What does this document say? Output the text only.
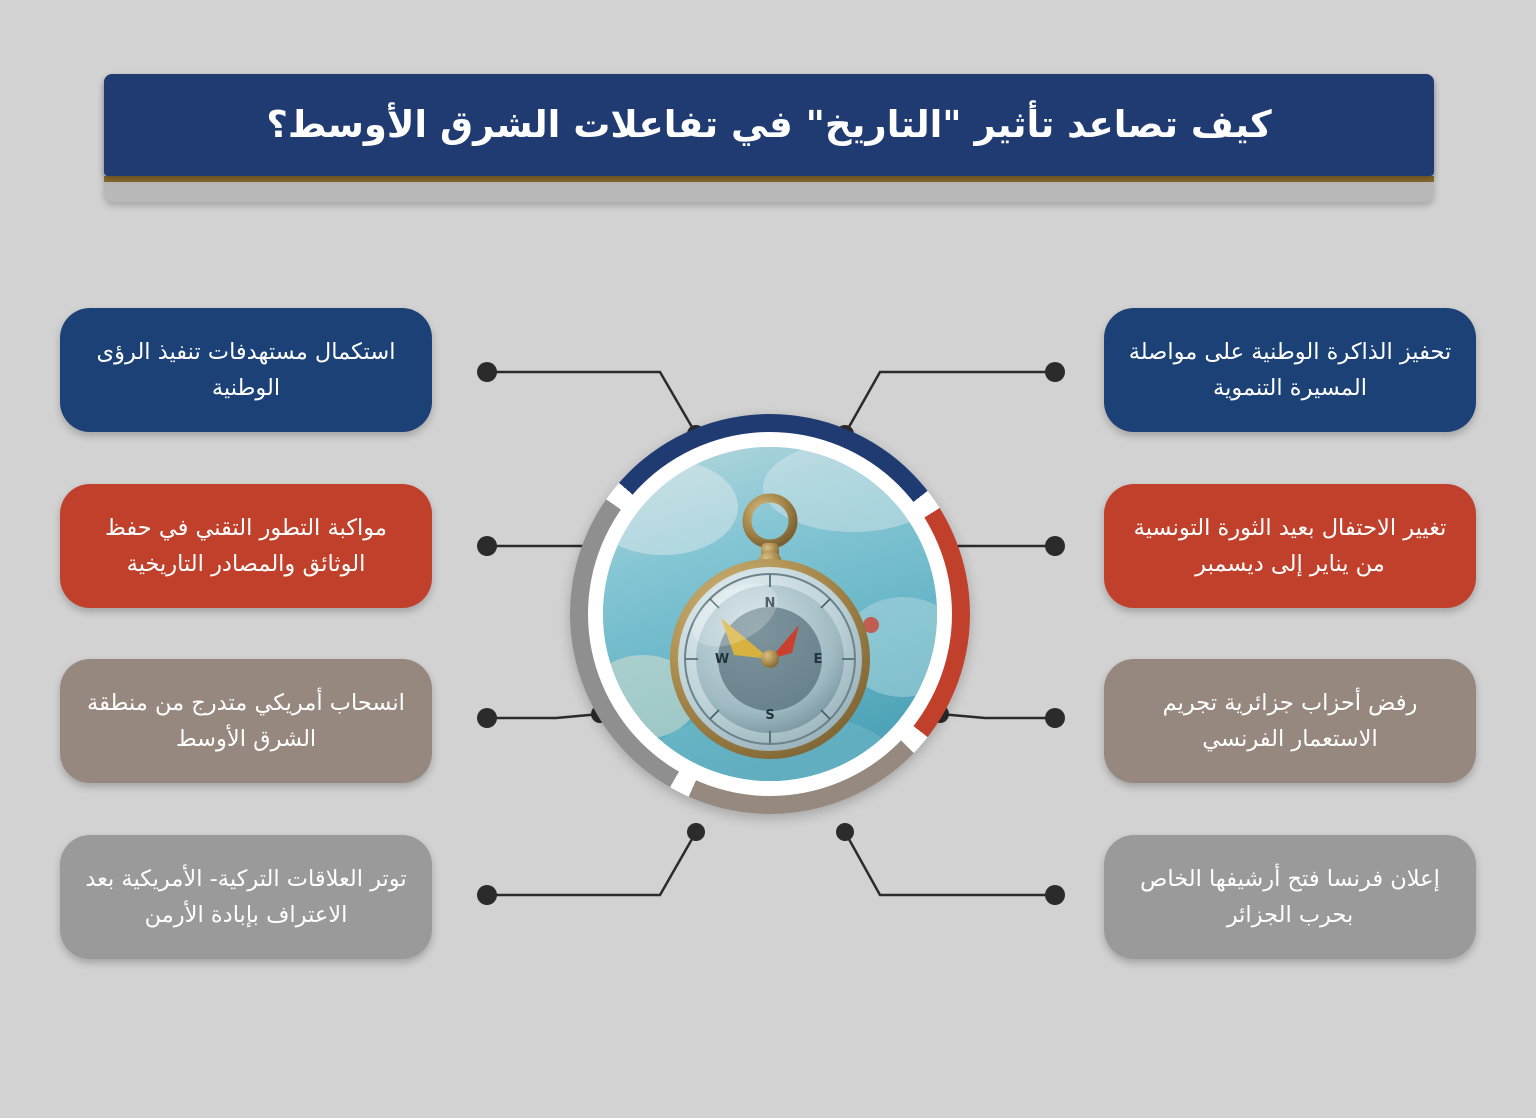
كيف تصاعد تأثير "التاريخ" في تفاعلات الشرق الأوسط؟
N
E
S
W
استكمال مستهدفات تنفيذ الرؤى الوطنية
مواكبة التطور التقني في حفظ الوثائق والمصادر التاريخية
انسحاب أمريكي متدرج من منطقة الشرق الأوسط
توتر العلاقات التركية- الأمريكية بعد الاعتراف بإبادة الأرمن
تحفيز الذاكرة الوطنية على مواصلة المسيرة التنموية
تغيير الاحتفال بعيد الثورة التونسية من يناير إلى ديسمبر
رفض أحزاب جزائرية تجريم الاستعمار الفرنسي
إعلان فرنسا فتح أرشيفها الخاص بحرب الجزائر
